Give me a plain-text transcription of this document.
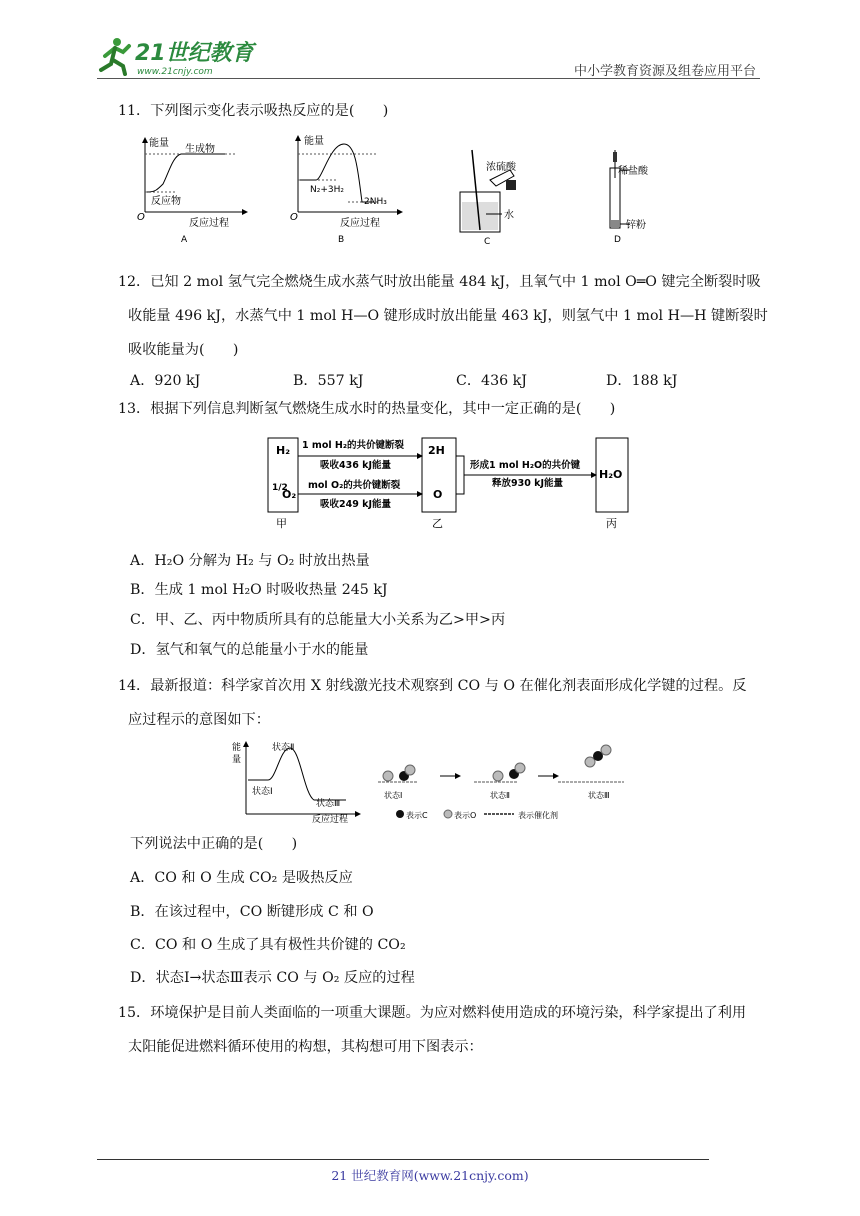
21世纪教育
www.21cnjy.com	中小学教育资源及组卷应用平台
11．下列图示变化表示吸热反应的是(　　)
能量
生成物
反应物
O
反应过程
A
能量
N₂+3H₂
2NH₃
O
反应过程
B
浓硫酸
水
C
稀盐酸
锌粉
D
12．已知 2 mol 氢气完全燃烧生成水蒸气时放出能量 484 kJ，且氧气中 1 mol O═O 键完全断裂时吸
收能量 496 kJ，水蒸气中 1 mol H—O 键形成时放出能量 463 kJ，则氢气中 1 mol H—H 键断裂时
吸收能量为(　　)
A．920 kJ	B．557 kJ	C．436 kJ	D．188 kJ
13．根据下列信息判断氢气燃烧生成水时的热量变化，其中一定正确的是(　　)
H₂
1/2
O₂
1 mol H₂的共价键断裂
吸收436 kJ能量
mol O₂的共价键断裂
吸收249 kJ能量
2H
O
形成1 mol H₂O的共价键
释放930 kJ能量
H₂O
甲	乙	丙
A．H₂O 分解为 H₂ 与 O₂ 时放出热量
B．生成 1 mol H₂O 时吸收热量 245 kJ
C．甲、乙、丙中物质所具有的总能量大小关系为乙>甲>丙
D．氢气和氧气的总能量小于水的能量
14．最新报道：科学家首次用 X 射线激光技术观察到 CO 与 O 在催化剂表面形成化学键的过程。反
应过程示的意图如下：
能
量
状态Ⅱ
状态Ⅰ
状态Ⅲ
反应过程
状态Ⅰ	状态Ⅱ	状态Ⅲ
表示C	表示O	表示催化剂
下列说法中正确的是(　　)
A．CO 和 O 生成 CO₂ 是吸热反应
B．在该过程中，CO 断键形成 C 和 O
C．CO 和 O 生成了具有极性共价键的 CO₂
D．状态Ⅰ→状态Ⅲ表示 CO 与 O₂ 反应的过程
15．环境保护是目前人类面临的一项重大课题。为应对燃料使用造成的环境污染，科学家提出了利用
太阳能促进燃料循环使用的构想，其构想可用下图表示：
21 世纪教育网(www.21cnjy.com)
